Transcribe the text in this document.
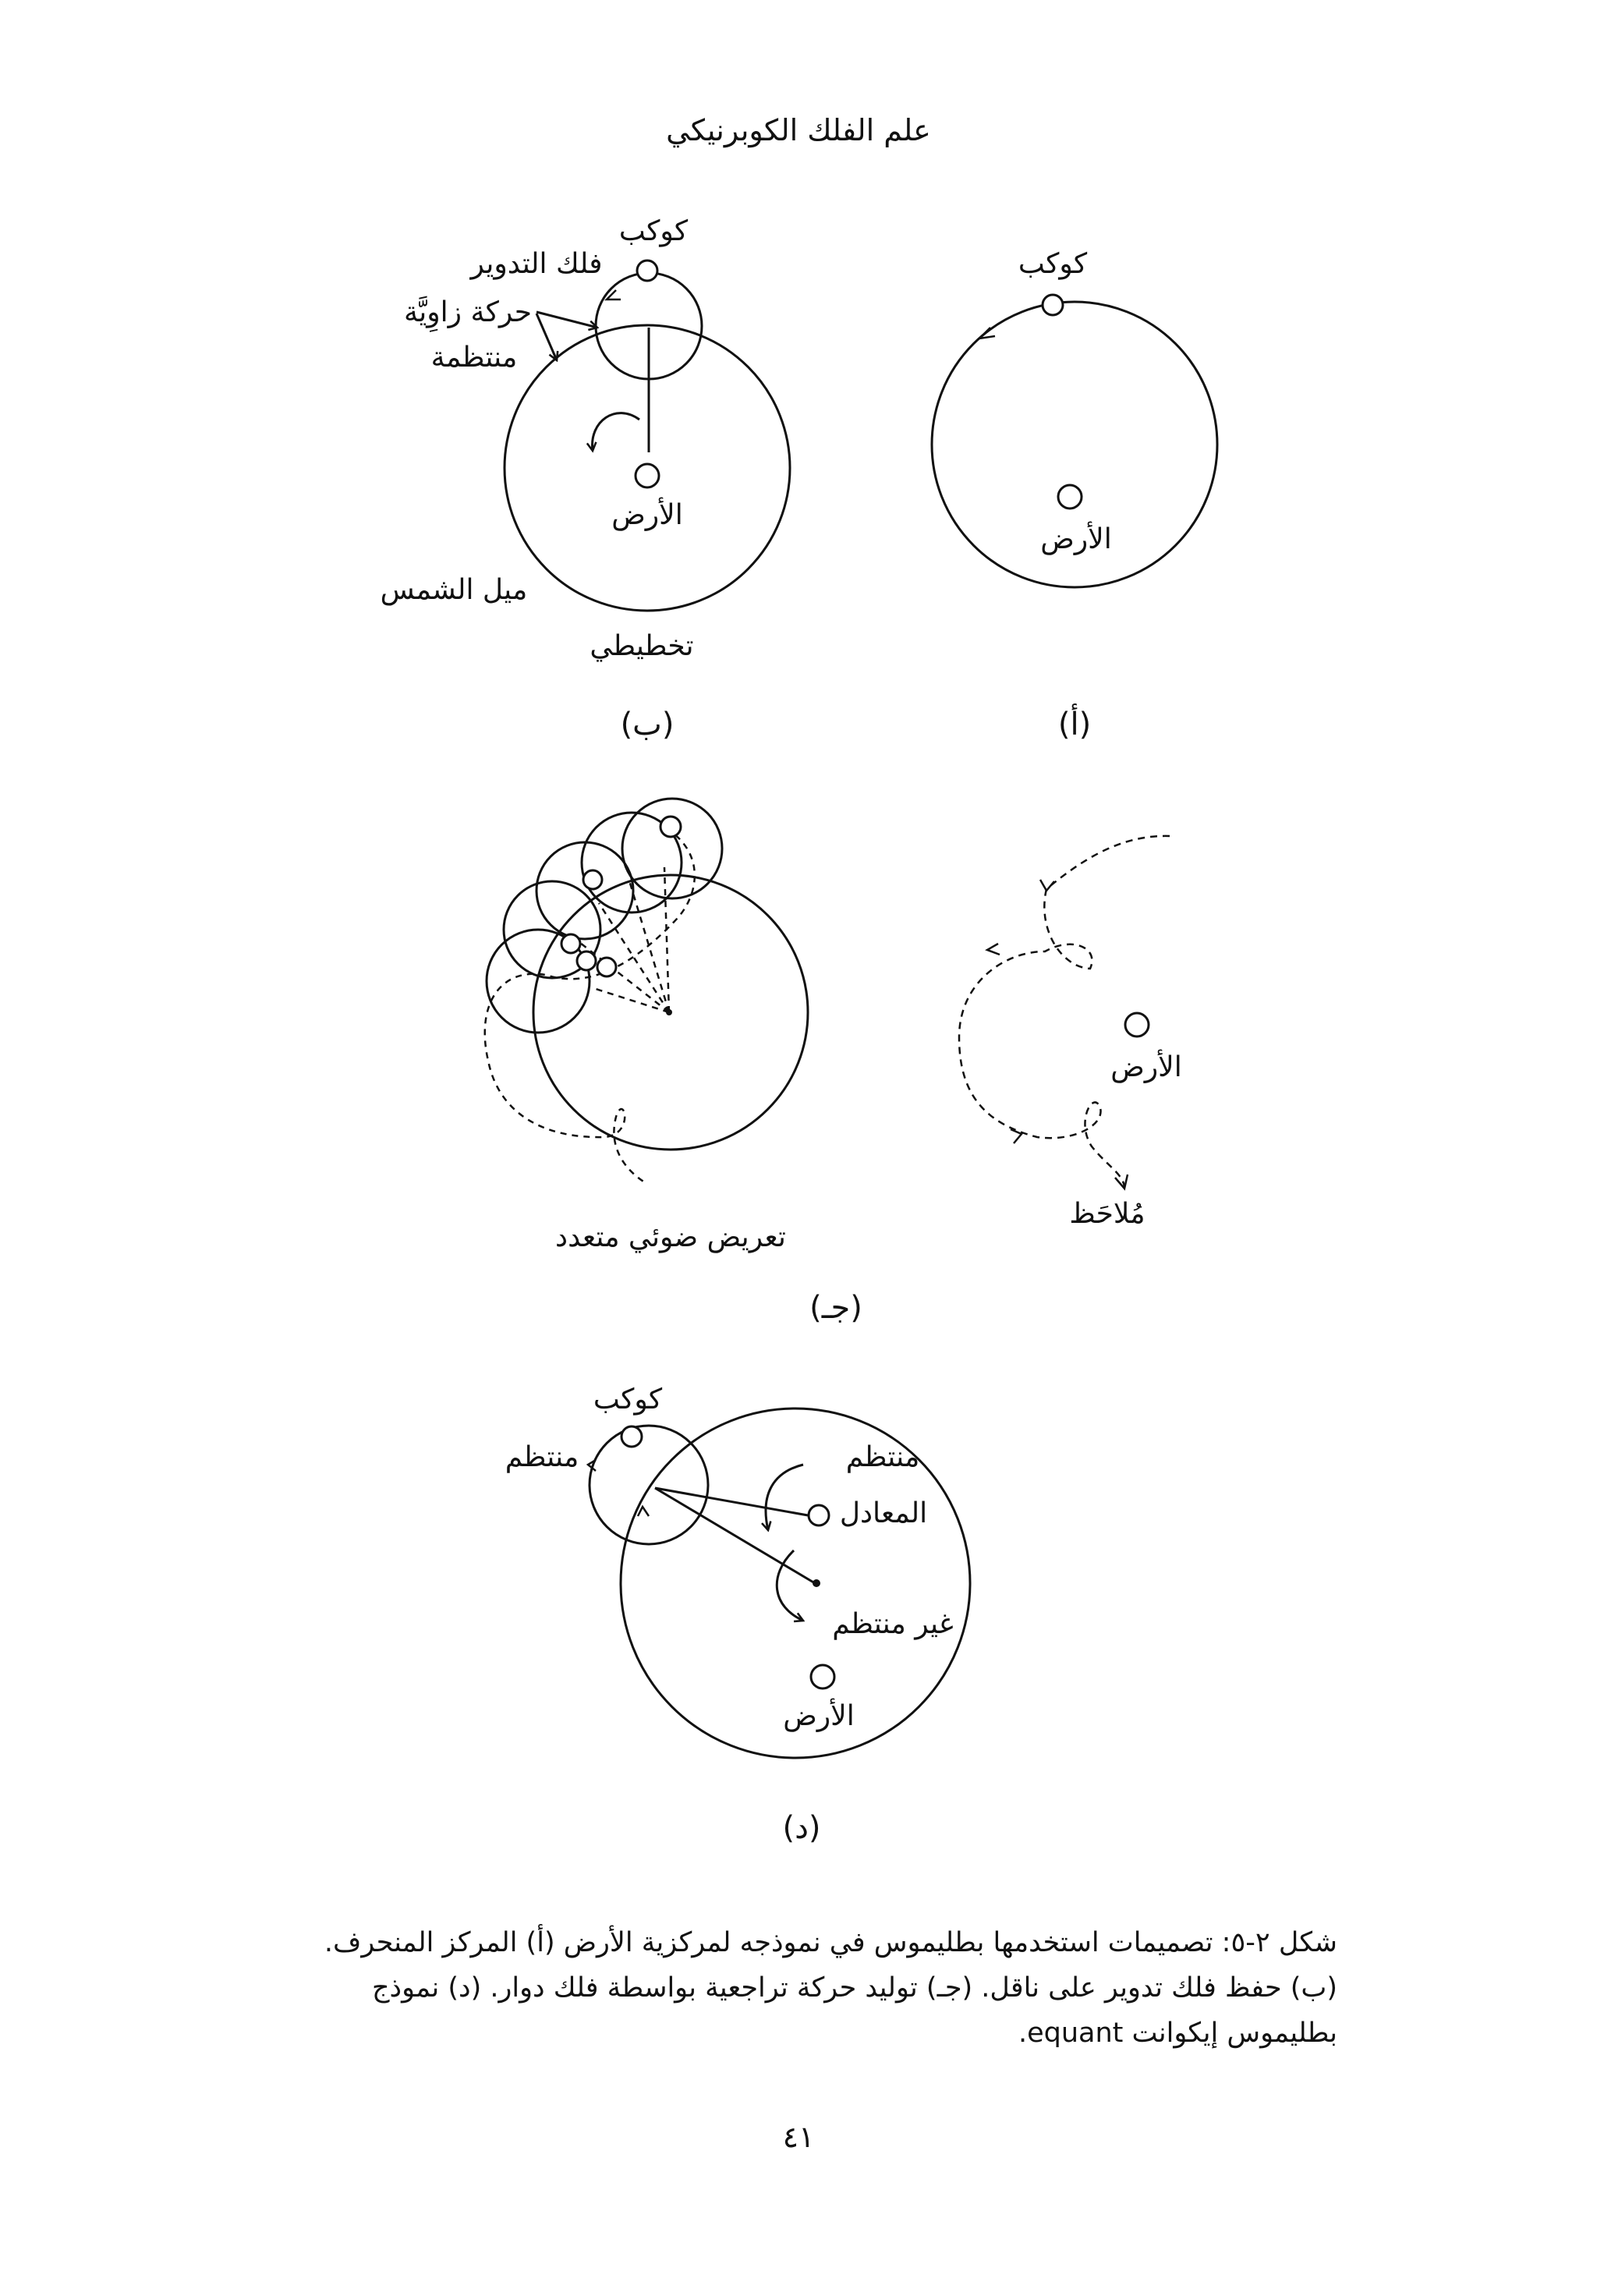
علم الفلك الكوبرنيكي
كوكب
الأرض
(أ)
كوكب
فلك التدوير
حركة زاوِيَّة
منتظمة
الأرض
ميل الشمس
تخطيطي
(ب)
تعريض ضوئي متعدد
الأرض
مُلاحَظ
(جـ)
كوكب
منتظم	منتظم
المعادل
غير منتظم
الأرض
(د)

شكل ٢-٥: تصميمات استخدمها بطليموس في نموذجه لمركزية الأرض (أ) المركز المنحرف.

(ب) حفظ فلك تدوير على ناقل. (جـ) توليد حركة تراجعية بواسطة فلك دوار. (د) نموذج

بطليموس إيكوانت equant.

٤١
